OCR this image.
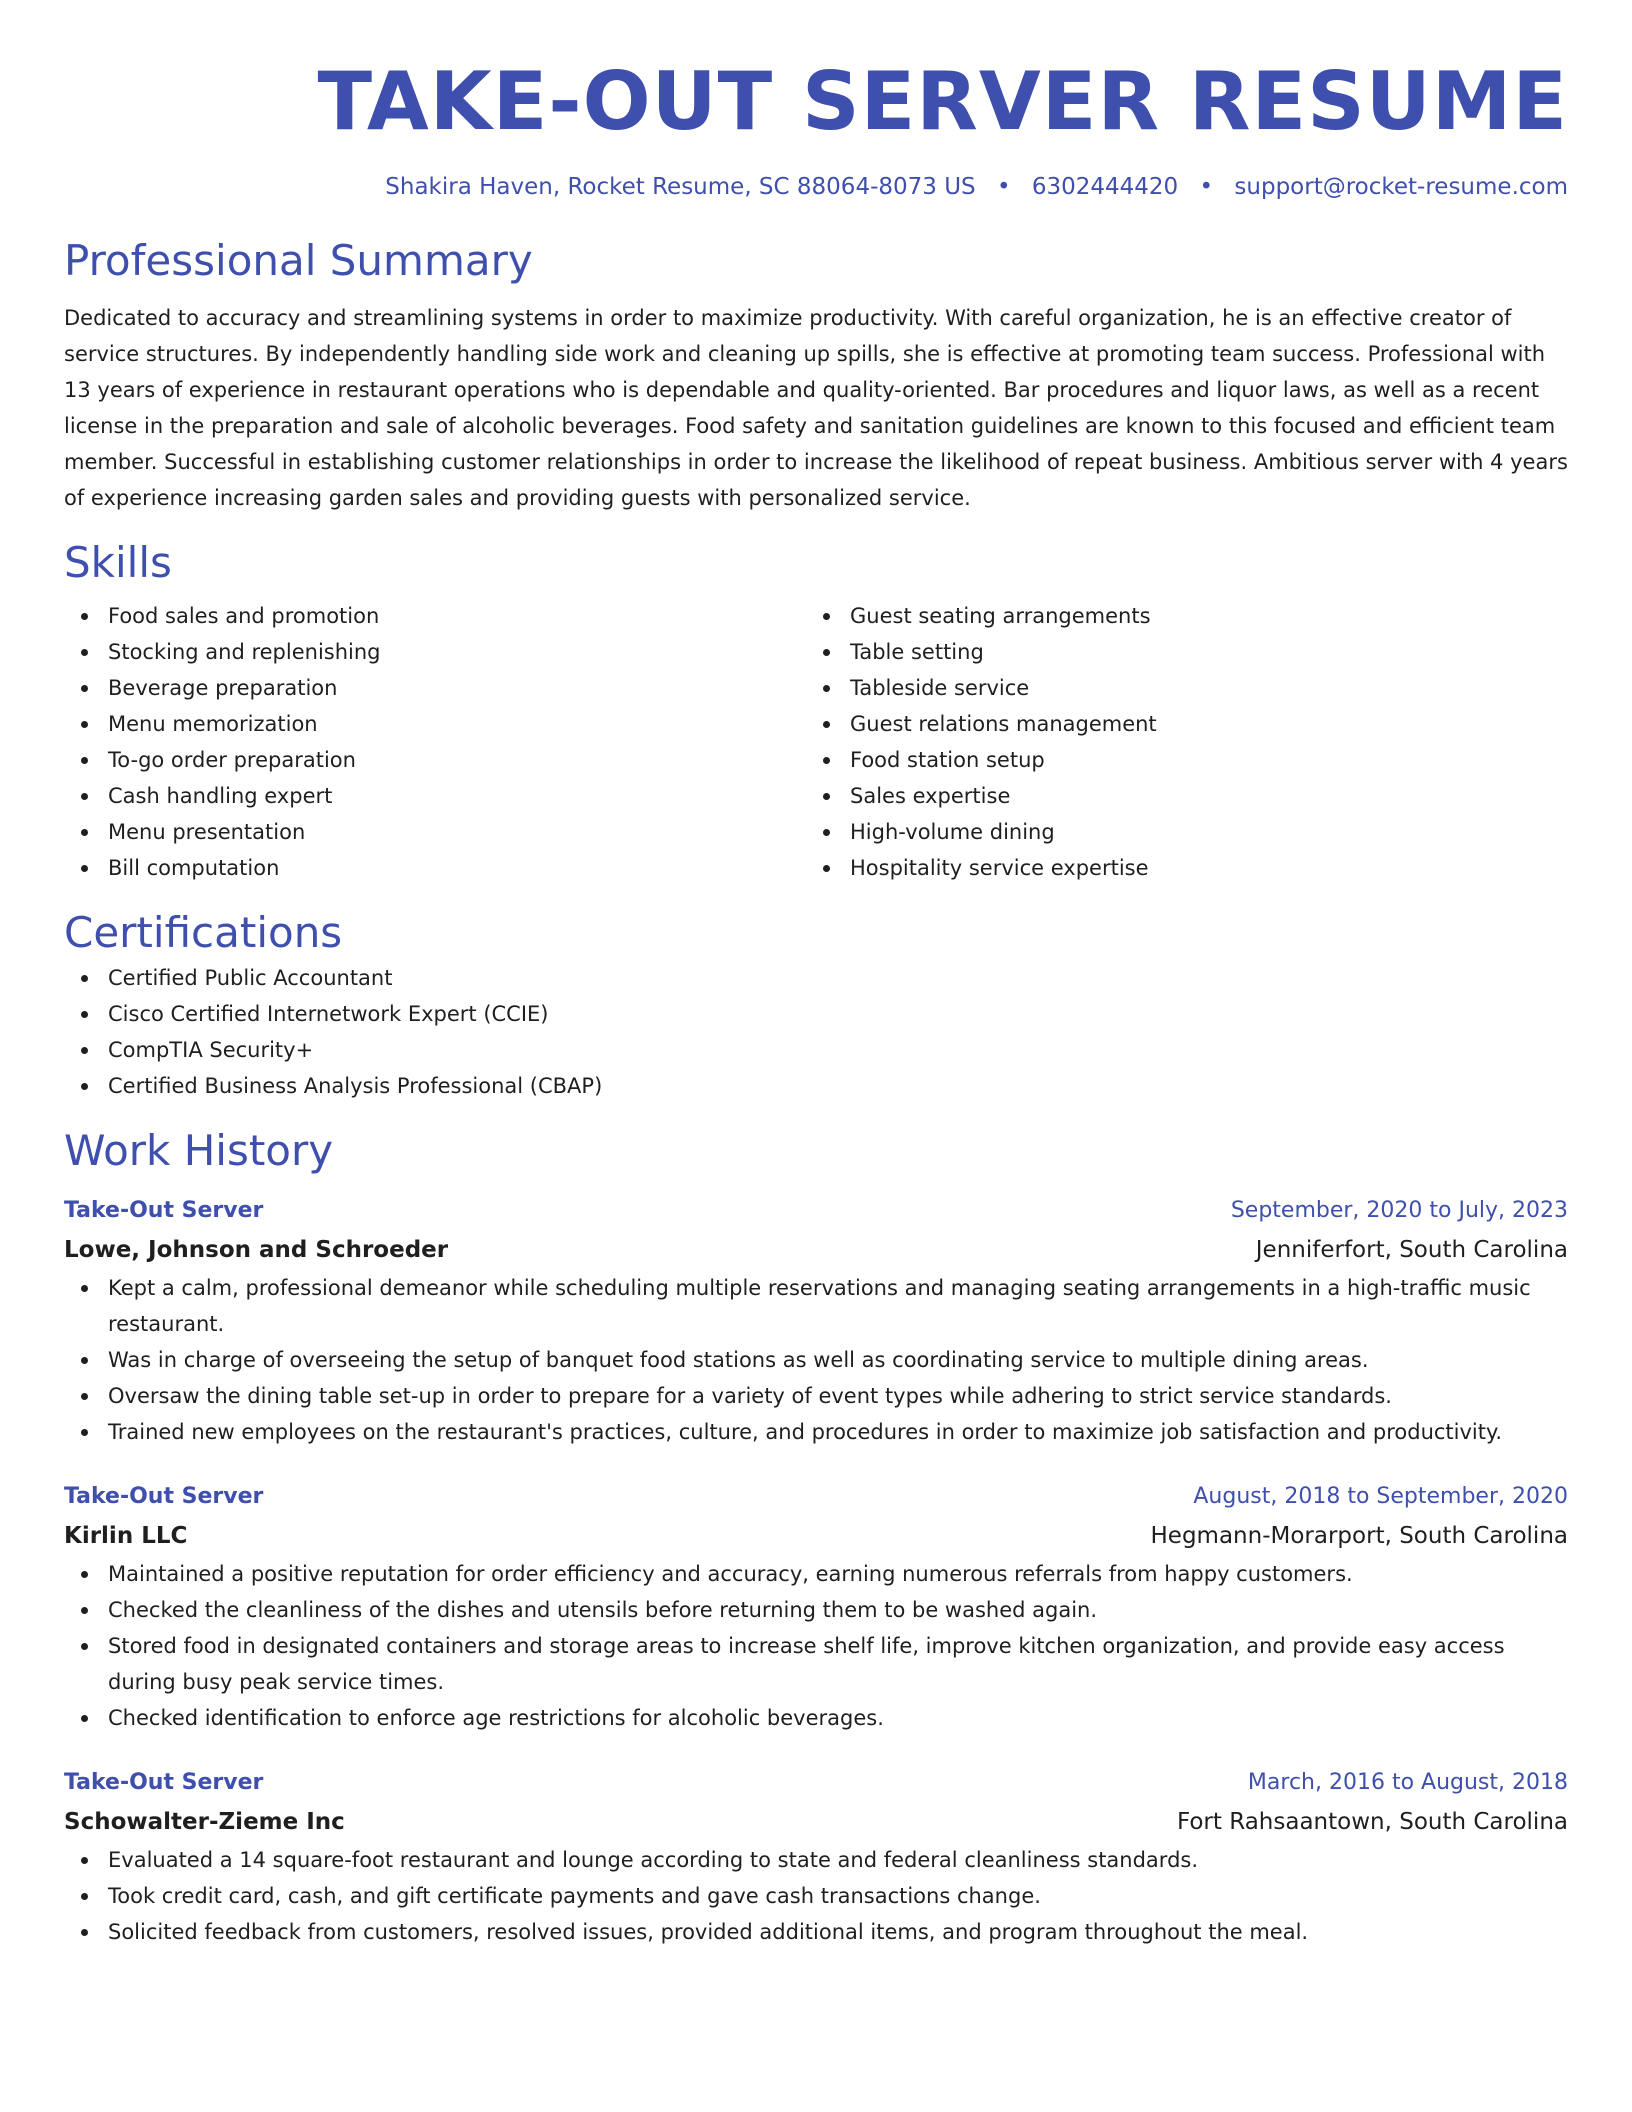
TAKE-OUT SERVER RESUME
Shakira Haven, Rocket Resume, SC 88064-8073 US • 6302444420 • support@rocket-resume.com
Professional Summary
Dedicated to accuracy and streamlining systems in order to maximize productivity. With careful organization, he is an effective creator of service structures. By independently handling side work and cleaning up spills, she is effective at promoting team success. Professional with 13 years of experience in restaurant operations who is dependable and quality-oriented. Bar procedures and liquor laws, as well as a recent license in the preparation and sale of alcoholic beverages. Food safety and sanitation guidelines are known to this focused and efficient team member. Successful in establishing customer relationships in order to increase the likelihood of repeat business. Ambitious server with 4 years of experience increasing garden sales and providing guests with personalized service.
Skills
Food sales and promotion
Stocking and replenishing
Beverage preparation
Menu memorization
To-go order preparation
Cash handling expert
Menu presentation
Bill computation
Guest seating arrangements
Table setting
Tableside service
Guest relations management
Food station setup
Sales expertise
High-volume dining
Hospitality service expertise
Certifications
Certified Public Accountant
Cisco Certified Internetwork Expert (CCIE)
CompTIA Security+
Certified Business Analysis Professional (CBAP)
Work History
Take-Out Server	September, 2020 to July, 2023
Lowe, Johnson and Schroeder	Jenniferfort, South Carolina
Kept a calm, professional demeanor while scheduling multiple reservations and managing seating arrangements in a high-traffic music restaurant.
Was in charge of overseeing the setup of banquet food stations as well as coordinating service to multiple dining areas.
Oversaw the dining table set-up in order to prepare for a variety of event types while adhering to strict service standards.
Trained new employees on the restaurant's practices, culture, and procedures in order to maximize job satisfaction and productivity.
Take-Out Server	August, 2018 to September, 2020
Kirlin LLC	Hegmann-Morarport, South Carolina
Maintained a positive reputation for order efficiency and accuracy, earning numerous referrals from happy customers.
Checked the cleanliness of the dishes and utensils before returning them to be washed again.
Stored food in designated containers and storage areas to increase shelf life, improve kitchen organization, and provide easy access during busy peak service times.
Checked identification to enforce age restrictions for alcoholic beverages.
Take-Out Server	March, 2016 to August, 2018
Schowalter-Zieme Inc	Fort Rahsaantown, South Carolina
Evaluated a 14 square-foot restaurant and lounge according to state and federal cleanliness standards.
Took credit card, cash, and gift certificate payments and gave cash transactions change.
Solicited feedback from customers, resolved issues, provided additional items, and program throughout the meal.
